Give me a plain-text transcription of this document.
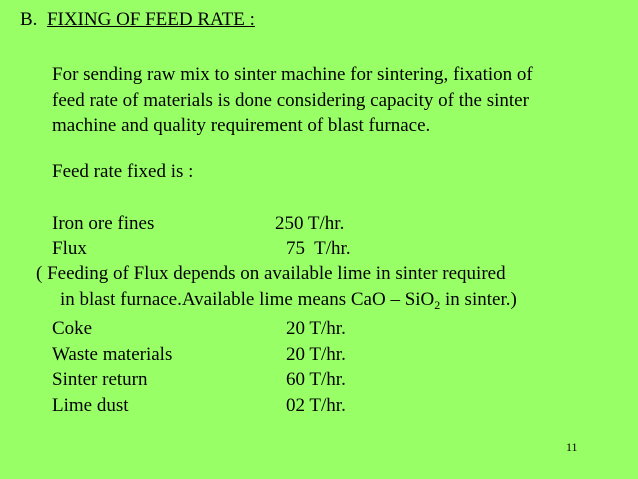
B. FIXING OF FEED RATE :
For sending raw mix to sinter machine for sintering, fixation of
feed rate of materials is done considering capacity of the sinter
machine and quality requirement of blast furnace.
Feed rate fixed is :
Iron ore fines	250 T/hr.
Flux	75  T/hr.
( Feeding of Flux depends on available lime in sinter required
in blast furnace.Available lime means CaO – SiO$_2$ in sinter.)
Coke	20 T/hr.
Waste materials	20 T/hr.
Sinter return	60 T/hr.
Lime dust	02 T/hr.
11
